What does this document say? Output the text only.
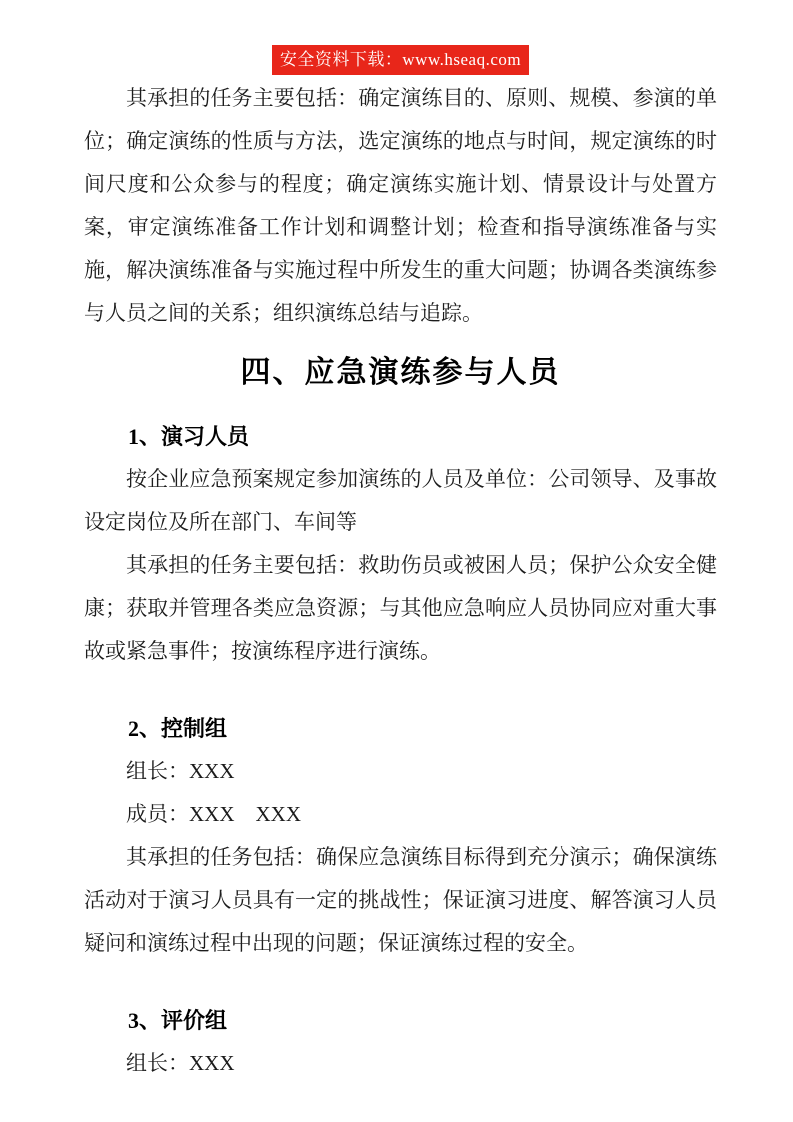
安全资料下载：www.hseaq.com

其承担的任务主要包括：确定演练目的、原则、规模、参演的单位；确定演练的性质与方法，选定演练的地点与时间，规定演练的时间尺度和公众参与的程度；确定演练实施计划、情景设计与处置方案，审定演练准备工作计划和调整计划；检查和指导演练准备与实施，解决演练准备与实施过程中所发生的重大问题；协调各类演练参与人员之间的关系；组织演练总结与追踪。

四、应急演练参与人员
1、演习人员

按企业应急预案规定参加演练的人员及单位：公司领导、及事故设定岗位及所在部门、车间等

其承担的任务主要包括：救助伤员或被困人员；保护公众安全健康；获取并管理各类应急资源；与其他应急响应人员协同应对重大事故或紧急事件；按演练程序进行演练。

2、控制组

组长：XXX

成员：XXX　XXX

其承担的任务包括：确保应急演练目标得到充分演示；确保演练活动对于演习人员具有一定的挑战性；保证演习进度、解答演习人员疑问和演练过程中出现的问题；保证演练过程的安全。

3、评价组

组长：XXX
